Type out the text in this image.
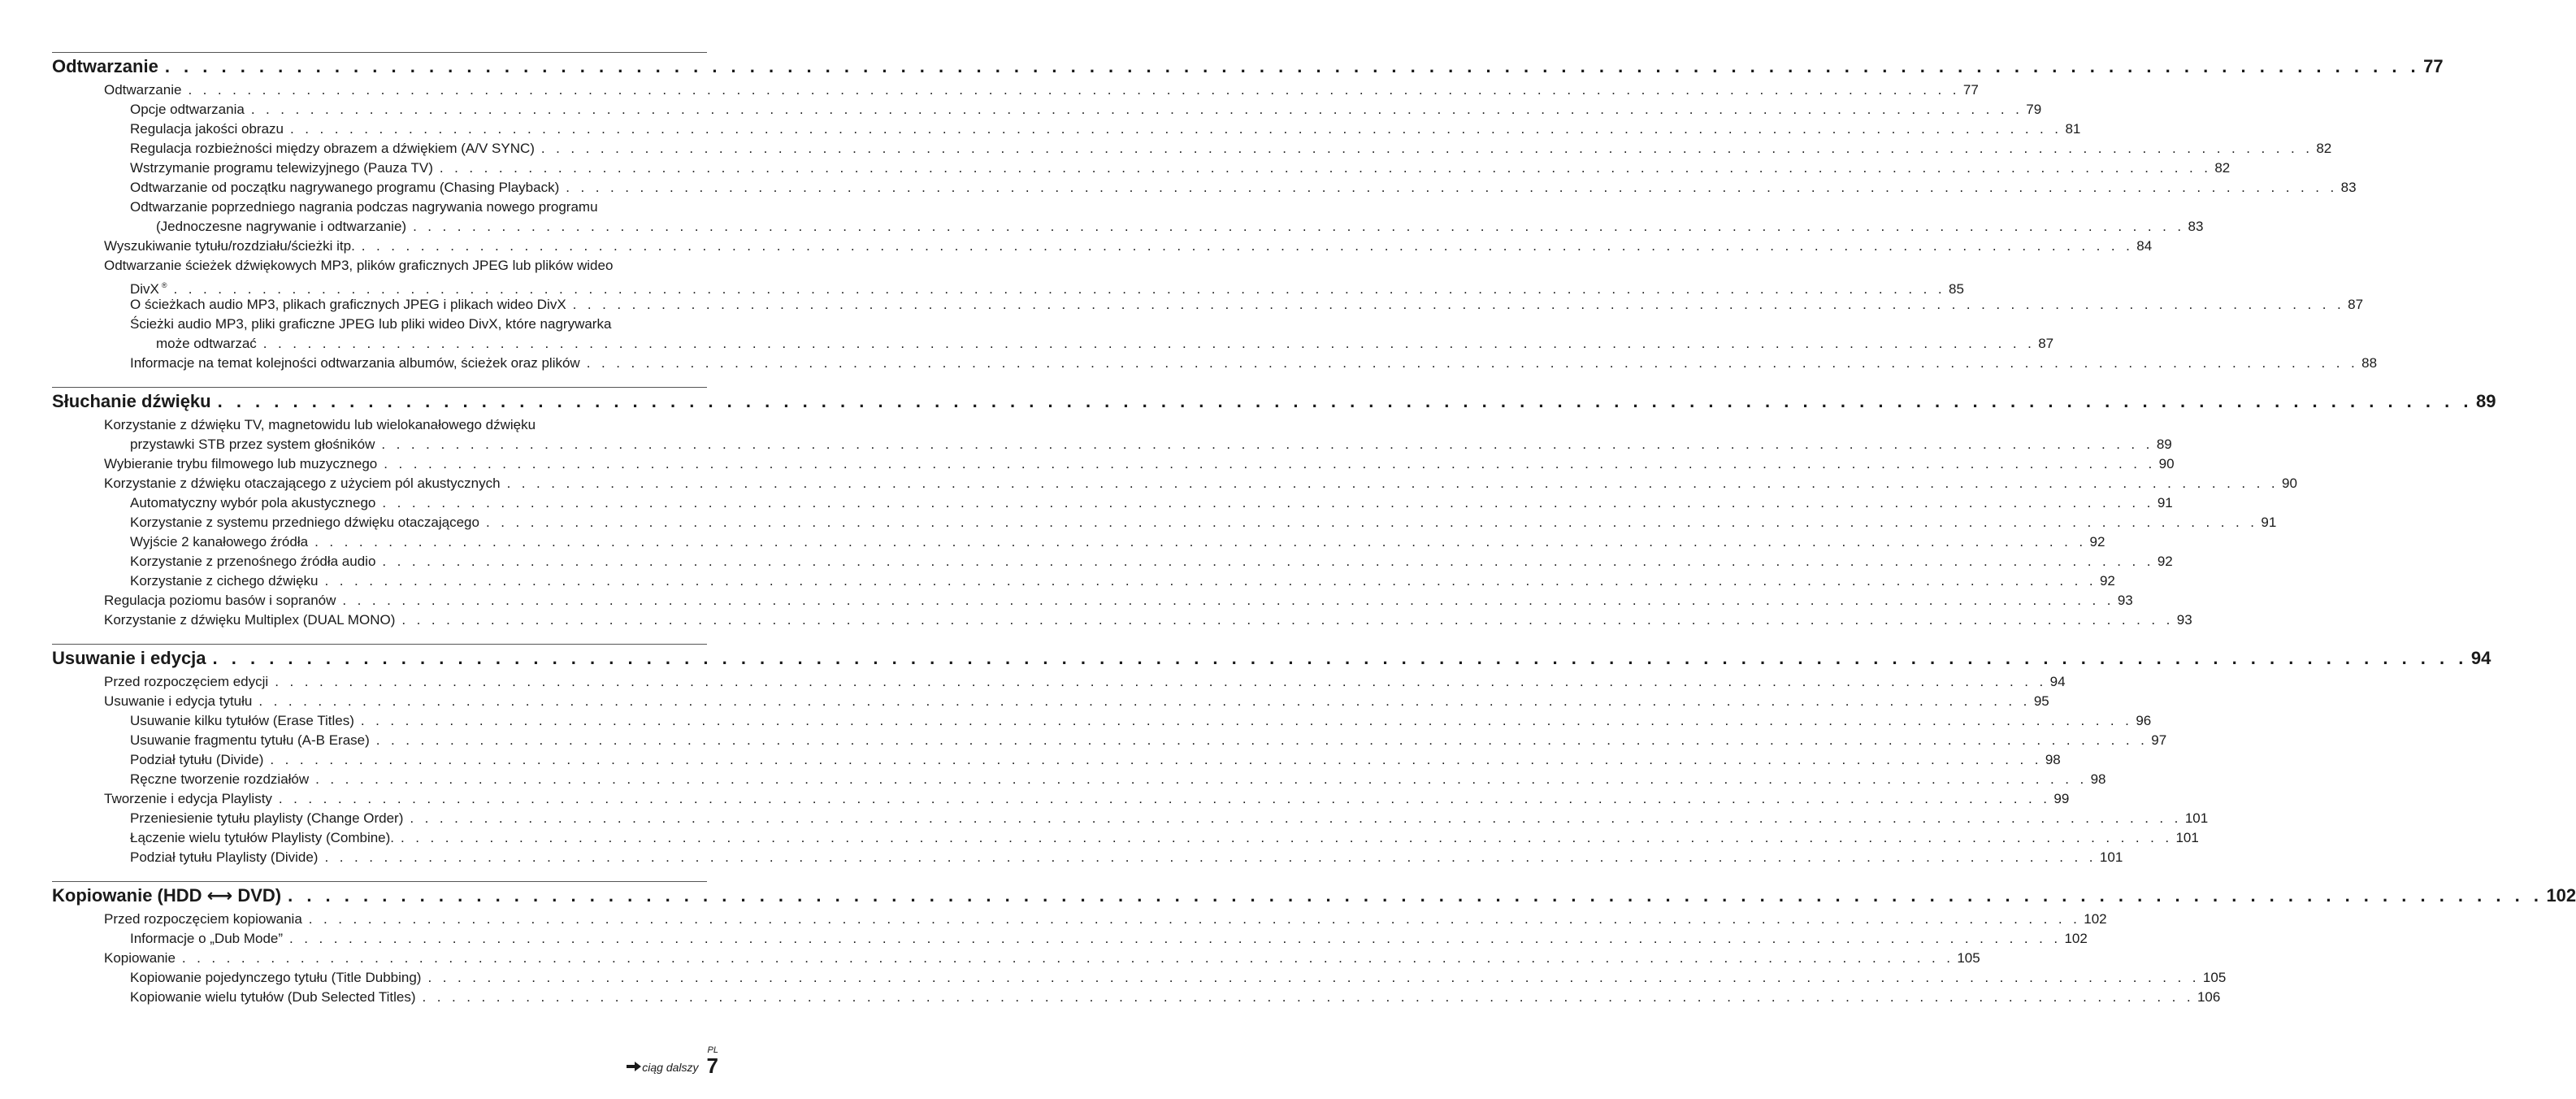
Odtwarzanie . . . . . . . . . . . . . . . . . . . . . . . . . . . . . . . . . . . . . . . . . . . . . . . . . . . . . . . . . . . . . . . . . . . . . . . . . . . . . . . . . . . . . . . . . . . . . . . . . . . . . . . . . . . . . . . . . . . . . . . . 77
Odtwarzanie . . . . . . . . . . . . . . . . . . . . . . . . . . . . . . . . . . . . . . . . . . . . . . . . . . . . . . . . . . . . . . . . . . . . . . . . . . . . . . . . . . . . . . . . . . . . . . . . . . . . . . . . . . . . . . . . . . . . . . . . 77
Opcje odtwarzania . . . . . . . . . . . . . . . . . . . . . . . . . . . . . . . . . . . . . . . . . . . . . . . . . . . . . . . . . . . . . . . . . . . . . . . . . . . . . . . . . . . . . . . . . . . . . . . . . . . . . . . . . . . . . . . . . . . . . . . . 79
Regulacja jakości obrazu . . . . . . . . . . . . . . . . . . . . . . . . . . . . . . . . . . . . . . . . . . . . . . . . . . . . . . . . . . . . . . . . . . . . . . . . . . . . . . . . . . . . . . . . . . . . . . . . . . . . . . . . . . . . . . . . . . . . . . . . 81
Regulacja rozbieżności między obrazem a dźwiękiem (A/V SYNC) . . . . . . . . . . . . . . . . . . . . . . . . . . . . . . . . . . . . . . . . . . . . . . . . . . . . . . . . . . . . . . . . . . . . . . . . . . . . . . . . . . . . . . . . . . . . . . . . . . . . . . . . . . . . . . . . . . . . . . . . 82
Wstrzymanie programu telewizyjnego (Pauza TV) . . . . . . . . . . . . . . . . . . . . . . . . . . . . . . . . . . . . . . . . . . . . . . . . . . . . . . . . . . . . . . . . . . . . . . . . . . . . . . . . . . . . . . . . . . . . . . . . . . . . . . . . . . . . . . . . . . . . . . . . 82
Odtwarzanie od początku nagrywanego programu (Chasing Playback) . . . . . . . . . . . . . . . . . . . . . . . . . . . . . . . . . . . . . . . . . . . . . . . . . . . . . . . . . . . . . . . . . . . . . . . . . . . . . . . . . . . . . . . . . . . . . . . . . . . . . . . . . . . . . . . . . . . . . . . . 83
Odtwarzanie poprzedniego nagrania podczas nagrywania nowego programu
(Jednoczesne nagrywanie i odtwarzanie) . . . . . . . . . . . . . . . . . . . . . . . . . . . . . . . . . . . . . . . . . . . . . . . . . . . . . . . . . . . . . . . . . . . . . . . . . . . . . . . . . . . . . . . . . . . . . . . . . . . . . . . . . . . . . . . . . . . . . . . . 83
Wyszukiwanie tytułu/rozdziału/ścieżki itp. . . . . . . . . . . . . . . . . . . . . . . . . . . . . . . . . . . . . . . . . . . . . . . . . . . . . . . . . . . . . . . . . . . . . . . . . . . . . . . . . . . . . . . . . . . . . . . . . . . . . . . . . . . . . . . . . . . . . . . . . 84
Odtwarzanie ścieżek dźwiękowych MP3, plików graficznych JPEG lub plików wideo
DivX ® . . . . . . . . . . . . . . . . . . . . . . . . . . . . . . . . . . . . . . . . . . . . . . . . . . . . . . . . . . . . . . . . . . . . . . . . . . . . . . . . . . . . . . . . . . . . . . . . . . . . . . . . . . . . . . . . . . . . . . . . 85
O ścieżkach audio MP3, plikach graficznych JPEG i plikach wideo DivX . . . . . . . . . . . . . . . . . . . . . . . . . . . . . . . . . . . . . . . . . . . . . . . . . . . . . . . . . . . . . . . . . . . . . . . . . . . . . . . . . . . . . . . . . . . . . . . . . . . . . . . . . . . . . . . . . . . . . . . . 87
Ścieżki audio MP3, pliki graficzne JPEG lub pliki wideo DivX, które nagrywarka
może odtwarzać . . . . . . . . . . . . . . . . . . . . . . . . . . . . . . . . . . . . . . . . . . . . . . . . . . . . . . . . . . . . . . . . . . . . . . . . . . . . . . . . . . . . . . . . . . . . . . . . . . . . . . . . . . . . . . . . . . . . . . . . 87
Informacje na temat kolejności odtwarzania albumów, ścieżek oraz plików . . . . . . . . . . . . . . . . . . . . . . . . . . . . . . . . . . . . . . . . . . . . . . . . . . . . . . . . . . . . . . . . . . . . . . . . . . . . . . . . . . . . . . . . . . . . . . . . . . . . . . . . . . . . . . . . . . . . . . . . 88
Słuchanie dźwięku . . . . . . . . . . . . . . . . . . . . . . . . . . . . . . . . . . . . . . . . . . . . . . . . . . . . . . . . . . . . . . . . . . . . . . . . . . . . . . . . . . . . . . . . . . . . . . . . . . . . . . . . . . . . . . . . . . . . . . . . 89
Korzystanie z dźwięku TV, magnetowidu lub wielokanałowego dźwięku
przystawki STB przez system głośników . . . . . . . . . . . . . . . . . . . . . . . . . . . . . . . . . . . . . . . . . . . . . . . . . . . . . . . . . . . . . . . . . . . . . . . . . . . . . . . . . . . . . . . . . . . . . . . . . . . . . . . . . . . . . . . . . . . . . . . . 89
Wybieranie trybu filmowego lub muzycznego . . . . . . . . . . . . . . . . . . . . . . . . . . . . . . . . . . . . . . . . . . . . . . . . . . . . . . . . . . . . . . . . . . . . . . . . . . . . . . . . . . . . . . . . . . . . . . . . . . . . . . . . . . . . . . . . . . . . . . . . 90
Korzystanie z dźwięku otaczającego z użyciem pól akustycznych . . . . . . . . . . . . . . . . . . . . . . . . . . . . . . . . . . . . . . . . . . . . . . . . . . . . . . . . . . . . . . . . . . . . . . . . . . . . . . . . . . . . . . . . . . . . . . . . . . . . . . . . . . . . . . . . . . . . . . . . 90
Automatyczny wybór pola akustycznego . . . . . . . . . . . . . . . . . . . . . . . . . . . . . . . . . . . . . . . . . . . . . . . . . . . . . . . . . . . . . . . . . . . . . . . . . . . . . . . . . . . . . . . . . . . . . . . . . . . . . . . . . . . . . . . . . . . . . . . . 91
Korzystanie z systemu przedniego dźwięku otaczającego . . . . . . . . . . . . . . . . . . . . . . . . . . . . . . . . . . . . . . . . . . . . . . . . . . . . . . . . . . . . . . . . . . . . . . . . . . . . . . . . . . . . . . . . . . . . . . . . . . . . . . . . . . . . . . . . . . . . . . . . 91
Wyjście 2 kanałowego źródła . . . . . . . . . . . . . . . . . . . . . . . . . . . . . . . . . . . . . . . . . . . . . . . . . . . . . . . . . . . . . . . . . . . . . . . . . . . . . . . . . . . . . . . . . . . . . . . . . . . . . . . . . . . . . . . . . . . . . . . . 92
Korzystanie z przenośnego źródła audio . . . . . . . . . . . . . . . . . . . . . . . . . . . . . . . . . . . . . . . . . . . . . . . . . . . . . . . . . . . . . . . . . . . . . . . . . . . . . . . . . . . . . . . . . . . . . . . . . . . . . . . . . . . . . . . . . . . . . . . . 92
Korzystanie z cichego dźwięku . . . . . . . . . . . . . . . . . . . . . . . . . . . . . . . . . . . . . . . . . . . . . . . . . . . . . . . . . . . . . . . . . . . . . . . . . . . . . . . . . . . . . . . . . . . . . . . . . . . . . . . . . . . . . . . . . . . . . . . . 92
Regulacja poziomu basów i sopranów . . . . . . . . . . . . . . . . . . . . . . . . . . . . . . . . . . . . . . . . . . . . . . . . . . . . . . . . . . . . . . . . . . . . . . . . . . . . . . . . . . . . . . . . . . . . . . . . . . . . . . . . . . . . . . . . . . . . . . . . 93
Korzystanie z dźwięku Multiplex (DUAL MONO) . . . . . . . . . . . . . . . . . . . . . . . . . . . . . . . . . . . . . . . . . . . . . . . . . . . . . . . . . . . . . . . . . . . . . . . . . . . . . . . . . . . . . . . . . . . . . . . . . . . . . . . . . . . . . . . . . . . . . . . . 93
Usuwanie i edycja . . . . . . . . . . . . . . . . . . . . . . . . . . . . . . . . . . . . . . . . . . . . . . . . . . . . . . . . . . . . . . . . . . . . . . . . . . . . . . . . . . . . . . . . . . . . . . . . . . . . . . . . . . . . . . . . . . . . . . . . 94
Przed rozpoczęciem edycji . . . . . . . . . . . . . . . . . . . . . . . . . . . . . . . . . . . . . . . . . . . . . . . . . . . . . . . . . . . . . . . . . . . . . . . . . . . . . . . . . . . . . . . . . . . . . . . . . . . . . . . . . . . . . . . . . . . . . . . . 94
Usuwanie i edycja tytułu . . . . . . . . . . . . . . . . . . . . . . . . . . . . . . . . . . . . . . . . . . . . . . . . . . . . . . . . . . . . . . . . . . . . . . . . . . . . . . . . . . . . . . . . . . . . . . . . . . . . . . . . . . . . . . . . . . . . . . . . 95
Usuwanie kilku tytułów (Erase Titles) . . . . . . . . . . . . . . . . . . . . . . . . . . . . . . . . . . . . . . . . . . . . . . . . . . . . . . . . . . . . . . . . . . . . . . . . . . . . . . . . . . . . . . . . . . . . . . . . . . . . . . . . . . . . . . . . . . . . . . . . 96
Usuwanie fragmentu tytułu (A-B Erase) . . . . . . . . . . . . . . . . . . . . . . . . . . . . . . . . . . . . . . . . . . . . . . . . . . . . . . . . . . . . . . . . . . . . . . . . . . . . . . . . . . . . . . . . . . . . . . . . . . . . . . . . . . . . . . . . . . . . . . . . 97
Podział tytułu (Divide) . . . . . . . . . . . . . . . . . . . . . . . . . . . . . . . . . . . . . . . . . . . . . . . . . . . . . . . . . . . . . . . . . . . . . . . . . . . . . . . . . . . . . . . . . . . . . . . . . . . . . . . . . . . . . . . . . . . . . . . . 98
Ręczne tworzenie rozdziałów . . . . . . . . . . . . . . . . . . . . . . . . . . . . . . . . . . . . . . . . . . . . . . . . . . . . . . . . . . . . . . . . . . . . . . . . . . . . . . . . . . . . . . . . . . . . . . . . . . . . . . . . . . . . . . . . . . . . . . . . 98
Tworzenie i edycja Playlisty . . . . . . . . . . . . . . . . . . . . . . . . . . . . . . . . . . . . . . . . . . . . . . . . . . . . . . . . . . . . . . . . . . . . . . . . . . . . . . . . . . . . . . . . . . . . . . . . . . . . . . . . . . . . . . . . . . . . . . . . 99
Przeniesienie tytułu playlisty (Change Order) . . . . . . . . . . . . . . . . . . . . . . . . . . . . . . . . . . . . . . . . . . . . . . . . . . . . . . . . . . . . . . . . . . . . . . . . . . . . . . . . . . . . . . . . . . . . . . . . . . . . . . . . . . . . . . . . . . . . . . . . 101
Łączenie wielu tytułów Playlisty (Combine). . . . . . . . . . . . . . . . . . . . . . . . . . . . . . . . . . . . . . . . . . . . . . . . . . . . . . . . . . . . . . . . . . . . . . . . . . . . . . . . . . . . . . . . . . . . . . . . . . . . . . . . . . . . . . . . . . . . . . . . . 101
Podział tytułu Playlisty (Divide) . . . . . . . . . . . . . . . . . . . . . . . . . . . . . . . . . . . . . . . . . . . . . . . . . . . . . . . . . . . . . . . . . . . . . . . . . . . . . . . . . . . . . . . . . . . . . . . . . . . . . . . . . . . . . . . . . . . . . . . . 101
Kopiowanie (HDD ⟷ DVD) . . . . . . . . . . . . . . . . . . . . . . . . . . . . . . . . . . . . . . . . . . . . . . . . . . . . . . . . . . . . . . . . . . . . . . . . . . . . . . . . . . . . . . . . . . . . . . . . . . . . . . . . . . . . . . . . . . . . . . . . 102
Przed rozpoczęciem kopiowania . . . . . . . . . . . . . . . . . . . . . . . . . . . . . . . . . . . . . . . . . . . . . . . . . . . . . . . . . . . . . . . . . . . . . . . . . . . . . . . . . . . . . . . . . . . . . . . . . . . . . . . . . . . . . . . . . . . . . . . . 102
Informacje o „Dub Mode” . . . . . . . . . . . . . . . . . . . . . . . . . . . . . . . . . . . . . . . . . . . . . . . . . . . . . . . . . . . . . . . . . . . . . . . . . . . . . . . . . . . . . . . . . . . . . . . . . . . . . . . . . . . . . . . . . . . . . . . . 102
Kopiowanie . . . . . . . . . . . . . . . . . . . . . . . . . . . . . . . . . . . . . . . . . . . . . . . . . . . . . . . . . . . . . . . . . . . . . . . . . . . . . . . . . . . . . . . . . . . . . . . . . . . . . . . . . . . . . . . . . . . . . . . . 105
Kopiowanie pojedynczego tytułu (Title Dubbing) . . . . . . . . . . . . . . . . . . . . . . . . . . . . . . . . . . . . . . . . . . . . . . . . . . . . . . . . . . . . . . . . . . . . . . . . . . . . . . . . . . . . . . . . . . . . . . . . . . . . . . . . . . . . . . . . . . . . . . . . 105
Kopiowanie wielu tytułów (Dub Selected Titles) . . . . . . . . . . . . . . . . . . . . . . . . . . . . . . . . . . . . . . . . . . . . . . . . . . . . . . . . . . . . . . . . . . . . . . . . . . . . . . . . . . . . . . . . . . . . . . . . . . . . . . . . . . . . . . . . . . . . . . . . 106
ciąg dalszy
PL
7
